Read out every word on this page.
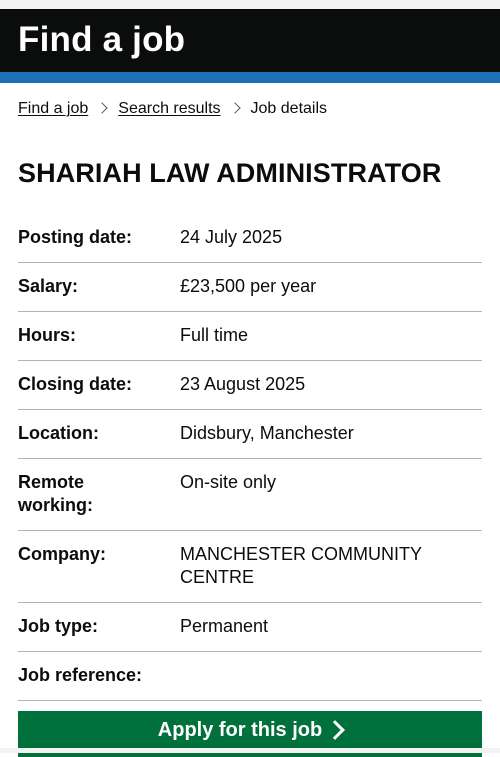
Find a job
Find a job Search results Job details
SHARIAH LAW ADMINISTRATOR
Posting date:	24 July 2025
Salary:	£23,500 per year
Hours:	Full time
Closing date:	23 August 2025
Location:	Didsbury, Manchester
Remote working:
On-site only
Company:	MANCHESTER COMMUNITY CENTRE
Job type:	Permanent
Job reference:
Apply for this job
